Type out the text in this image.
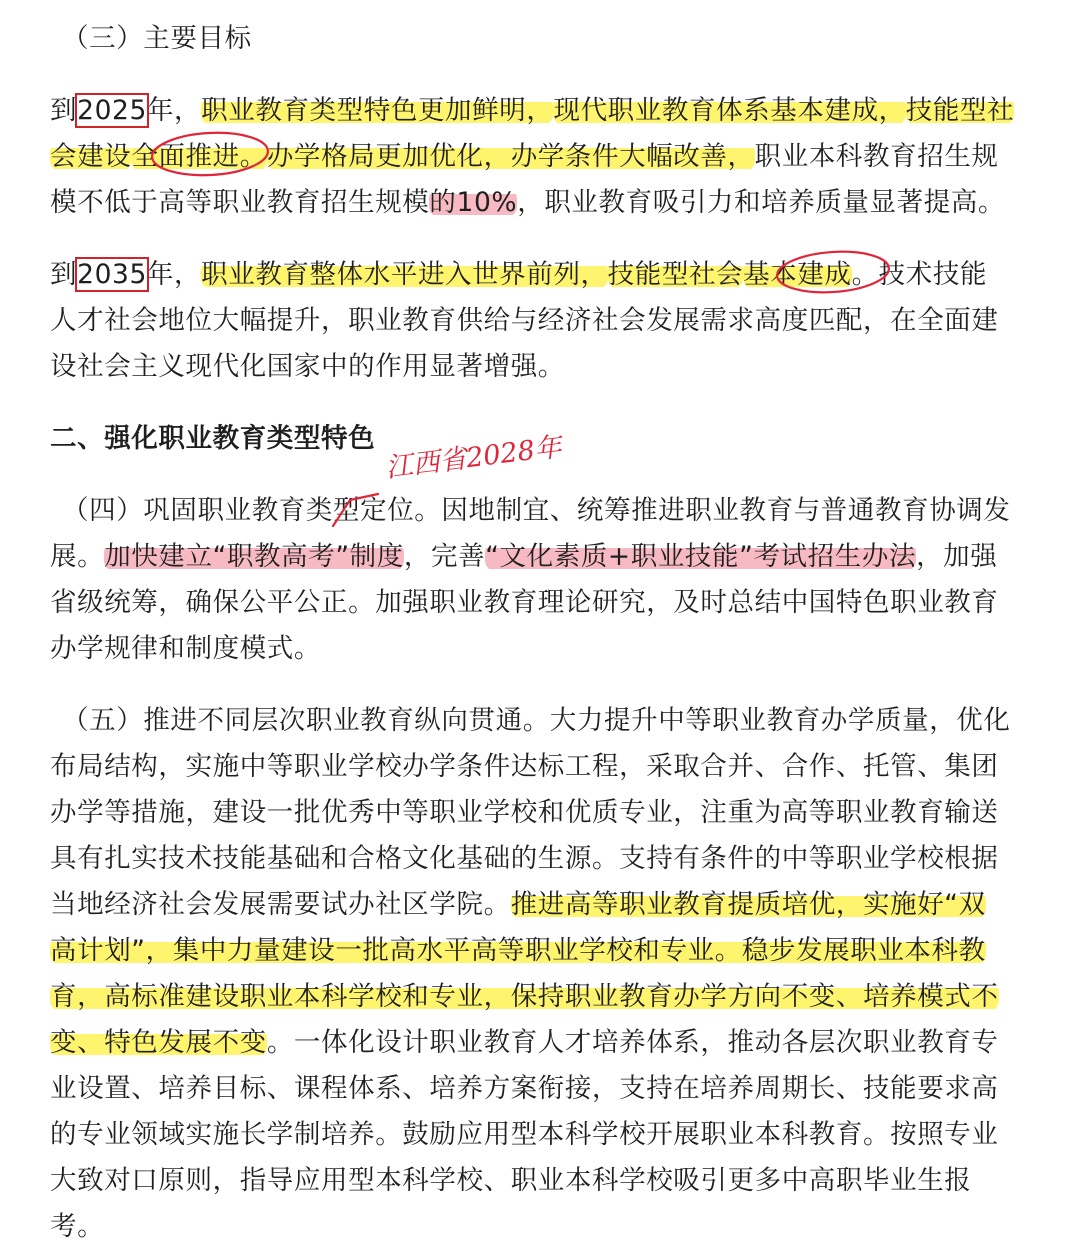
（三）主要目标
到2025年，职业教育类型特色更加鲜明，现代职业教育体系基本建成，技能型社
会建设全面推进。办学格局更加优化，办学条件大幅改善，职业本科教育招生规
模不低于高等职业教育招生规模的10%，职业教育吸引力和培养质量显著提高。
到2035年，职业教育整体水平进入世界前列，技能型社会基本建成。技术技能
人才社会地位大幅提升，职业教育供给与经济社会发展需求高度匹配，在全面建
设社会主义现代化国家中的作用显著增强。
二、强化职业教育类型特色
（四）巩固职业教育类型定位。因地制宜、统筹推进职业教育与普通教育协调发
展。加快建立“职教高考”制度，完善“文化素质+职业技能”考试招生办法，加强
省级统筹，确保公平公正。加强职业教育理论研究，及时总结中国特色职业教育
办学规律和制度模式。
（五）推进不同层次职业教育纵向贯通。大力提升中等职业教育办学质量，优化
布局结构，实施中等职业学校办学条件达标工程，采取合并、合作、托管、集团
办学等措施，建设一批优秀中等职业学校和优质专业，注重为高等职业教育输送
具有扎实技术技能基础和合格文化基础的生源。支持有条件的中等职业学校根据
当地经济社会发展需要试办社区学院。推进高等职业教育提质培优，实施好“双
高计划”，集中力量建设一批高水平高等职业学校和专业。稳步发展职业本科教
育，高标准建设职业本科学校和专业，保持职业教育办学方向不变、培养模式不
变、特色发展不变。一体化设计职业教育人才培养体系，推动各层次职业教育专
业设置、培养目标、课程体系、培养方案衔接，支持在培养周期长、技能要求高
的专业领域实施长学制培养。鼓励应用型本科学校开展职业本科教育。按照专业
大致对口原则，指导应用型本科学校、职业本科学校吸引更多中高职毕业生报
考。
江西省2028年
